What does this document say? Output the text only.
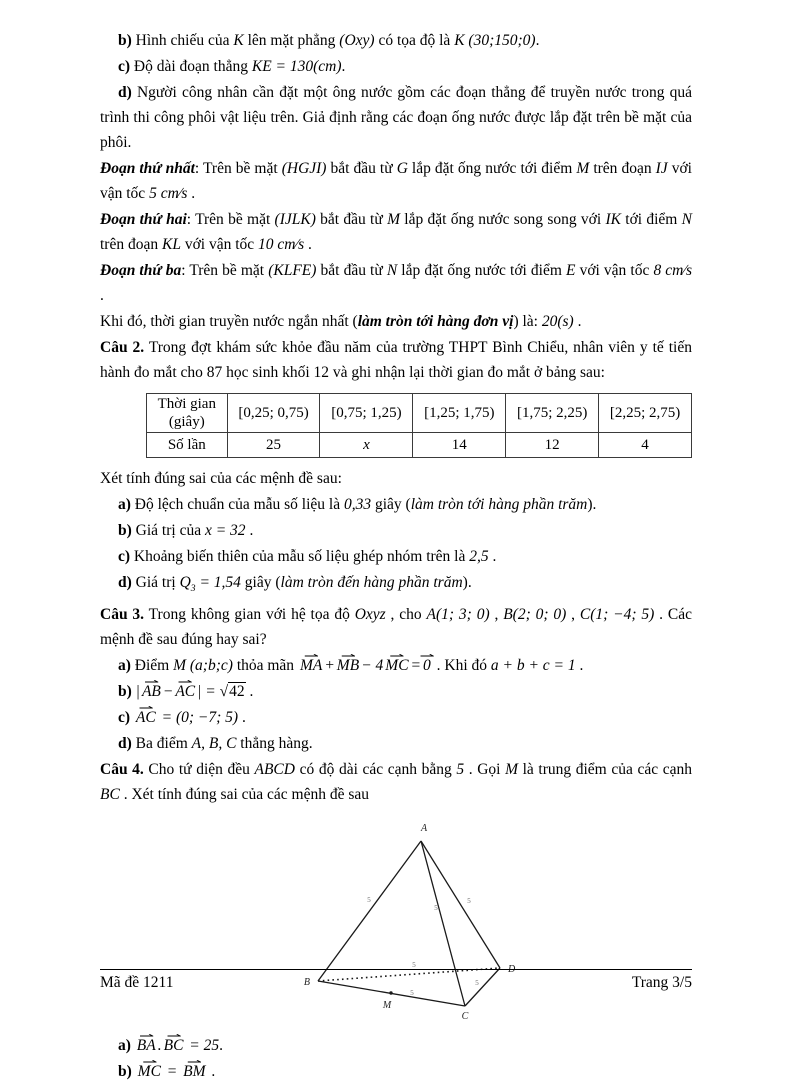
b) Hình chiếu của K lên mặt phẳng (Oxy) có tọa độ là K (30;150;0).

c) Độ dài đoạn thẳng KE = 130(cm).

d) Người công nhân cần đặt một ông nước gồm các đoạn thẳng để truyền nước trong quá trình thi công phôi vật liệu trên. Giả định rằng các đoạn ống nước được lắp đặt trên bề mặt của phôi.

Đoạn thứ nhất: Trên bề mặt (HGJI) bắt đầu từ G lắp đặt ống nước tới điểm M trên đoạn IJ với vận tốc 5 cm∕s .

Đoạn thứ hai: Trên bề mặt (IJLK) bắt đầu từ M lắp đặt ống nước song song với IK tới điểm N trên đoạn KL với vận tốc 10 cm∕s .

Đoạn thứ ba: Trên bề mặt (KLFE) bắt đầu từ N lắp đặt ống nước tới điểm E với vận tốc 8 cm∕s .

Khi đó, thời gian truyền nước ngắn nhất (làm tròn tới hàng đơn vị) là: 20(s) .

Câu 2. Trong đợt khám sức khỏe đầu năm của trường THPT Bình Chiểu, nhân viên y tế tiến hành đo mắt cho 87 học sinh khối 12 và ghi nhận lại thời gian đo mắt ở bảng sau:

Thời gian (giây)	[0,25; 0,75)	[0,75; 1,25)	[1,25; 1,75)	[1,75; 2,25)	[2,25; 2,75)
Số lần	25	x	14	12	4

Xét tính đúng sai của các mệnh đề sau:

a) Độ lệch chuẩn của mẫu số liệu là 0,33 giây (làm tròn tới hàng phần trăm).

b) Giá trị của x = 32 .

c) Khoảng biến thiên của mẫu số liệu ghép nhóm trên là 2,5 .

d) Giá trị $Q_3 = 1,54$ giây (làm tròn đến hàng phần trăm).

Câu 3. Trong không gian với hệ tọa độ Oxyz , cho A(1; 3; 0) , B(2; 0; 0) , C(1; −4; 5) . Các mệnh đề sau đúng hay sai?

a) Điểm M (a;b;c) thỏa mãn ⇀ MA + ⇀ MB − 4 ⇀ MC = ⇀ 0 . Khi đó a + b + c = 1 .

b) | ⇀ AB − ⇀ AC | = √42 .

c) ⇀ AC = (0; −7; 5) .

d) Ba điểm A, B, C thẳng hàng.

Câu 4. Cho tứ diện đều ABCD có độ dài các cạnh bằng 5 . Gọi M là trung điểm của các cạnh BC . Xét tính đúng sai của các mệnh đề sau

A
B
C
D
M
5
5
5
5
5
5

a) ⇀ BA . ⇀ BC = 25.

b) ⇀ MC = ⇀ BM .

Mã đề 1211	Trang 3/5
